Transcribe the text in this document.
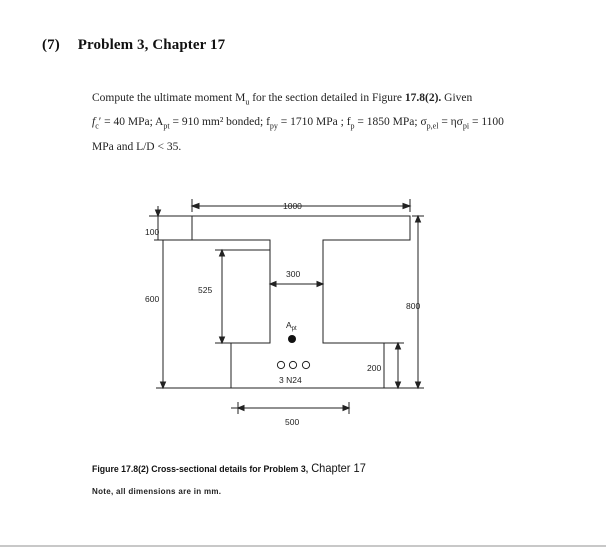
(7) Problem 3, Chapter 17
Compute the ultimate moment $M_u$ for the section detailed in Figure 17.8(2). Given
$f_c' = 40$ MPa; $A_{pt} = 910$ mm² bonded; $f_{py} = 1710$ MPa ; $f_p = 1850$ MPa; $\sigma_{p,el} = \eta\sigma_{pi} = 1100$
MPa and L/D < 35.
1000
100
300
600
525
800
200
500
$A_{pt}$
3 N24
Figure 17.8(2) Cross-sectional details for Problem 3, Chapter 17
Note, all dimensions are in mm.
